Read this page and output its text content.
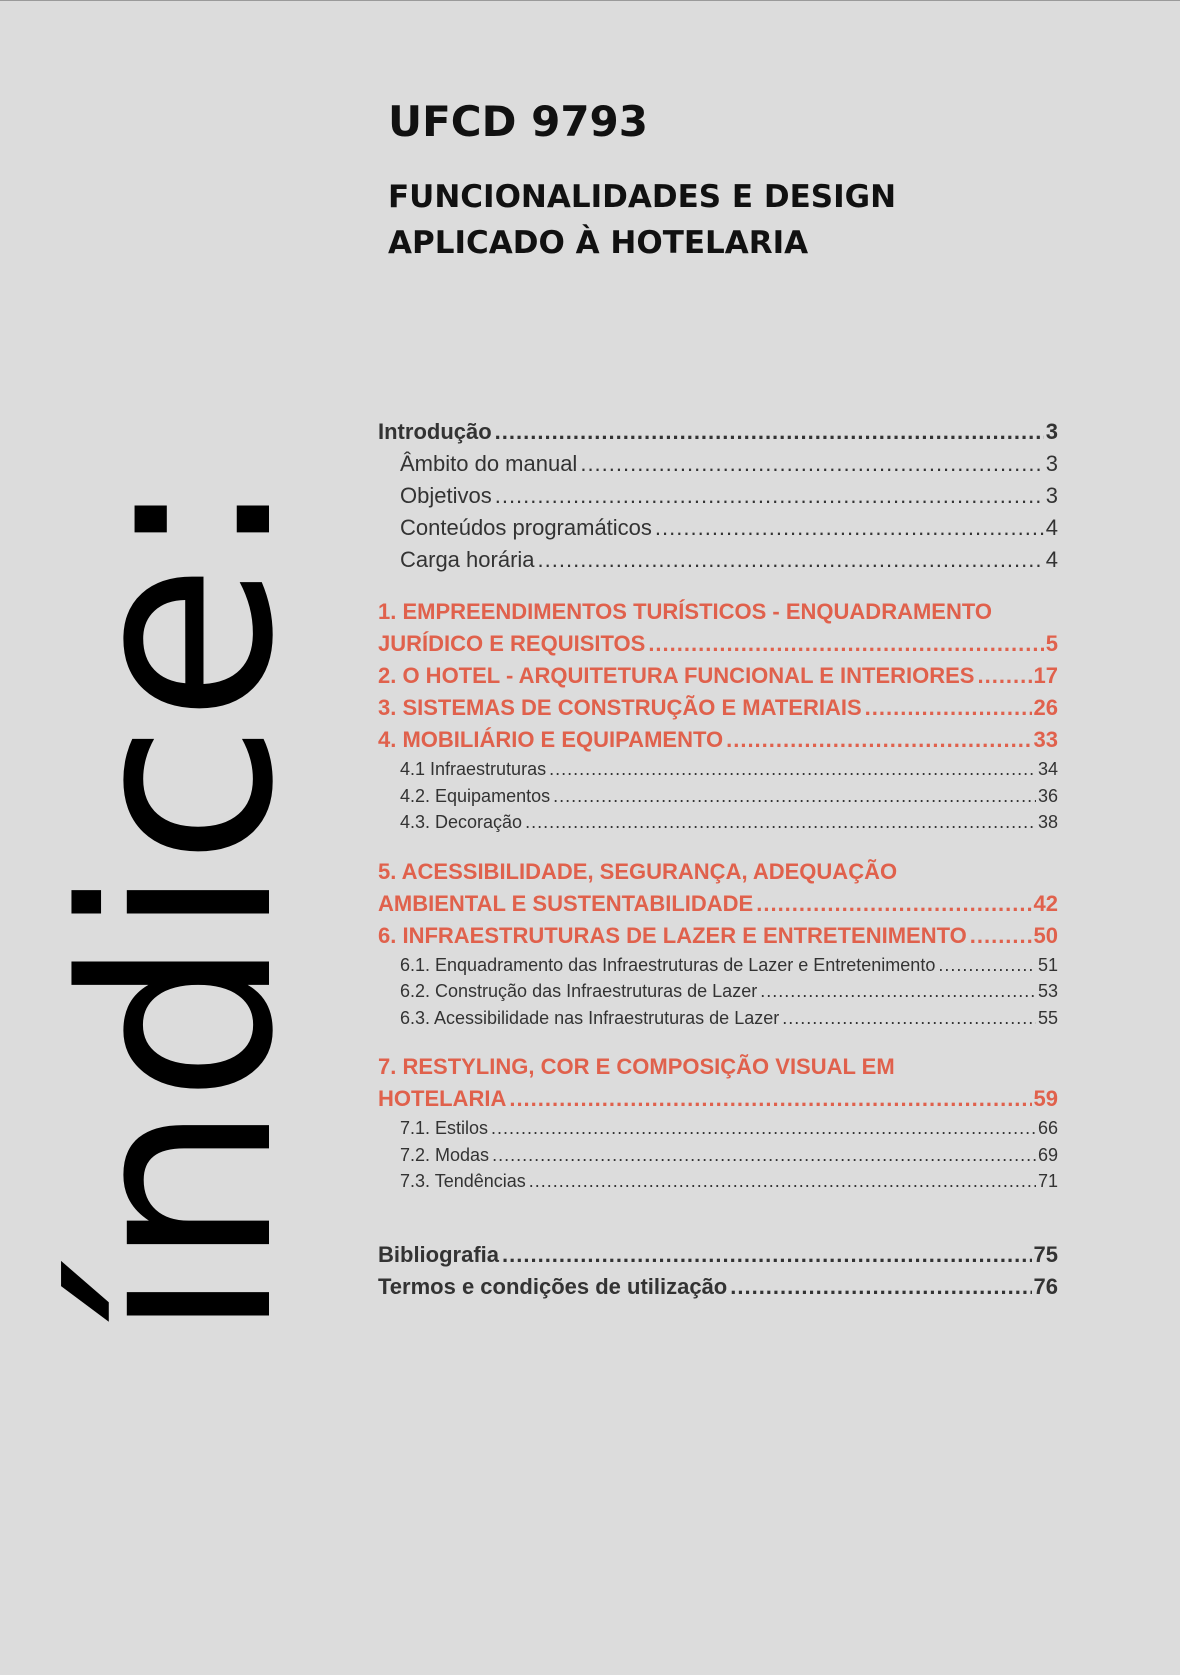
UFCD 9793
FUNCIONALIDADES E DESIGN APLICADO À HOTELARIA
índice:
Introdução .....	3
Âmbito do manual .....	3
Objetivos .....	3
Conteúdos programáticos .....	4
Carga horária .....	4
1. EMPREENDIMENTOS TURÍSTICOS - ENQUADRAMENTO
JURÍDICO E REQUISITOS .....	5
2. O HOTEL - ARQUITETURA FUNCIONAL E INTERIORES .....	17
3. SISTEMAS DE CONSTRUÇÃO E MATERIAIS .....	26
4. MOBILIÁRIO E EQUIPAMENTO .....	33
4.1 Infraestruturas .....	34
4.2. Equipamentos .....	36
4.3. Decoração .....	38
5. ACESSIBILIDADE, SEGURANÇA, ADEQUAÇÃO
AMBIENTAL E SUSTENTABILIDADE .....	42
6. INFRAESTRUTURAS DE LAZER E ENTRETENIMENTO .....	50
6.1. Enquadramento das Infraestruturas de Lazer e Entretenimento .....	51
6.2. Construção das Infraestruturas de Lazer .....	53
6.3. Acessibilidade nas Infraestruturas de Lazer .....	55
7. RESTYLING, COR E COMPOSIÇÃO VISUAL EM
HOTELARIA .....	59
7.1. Estilos .....	66
7.2. Modas .....	69
7.3. Tendências .....	71
Bibliografia .....	75
Termos e condições de utilização .....	76
